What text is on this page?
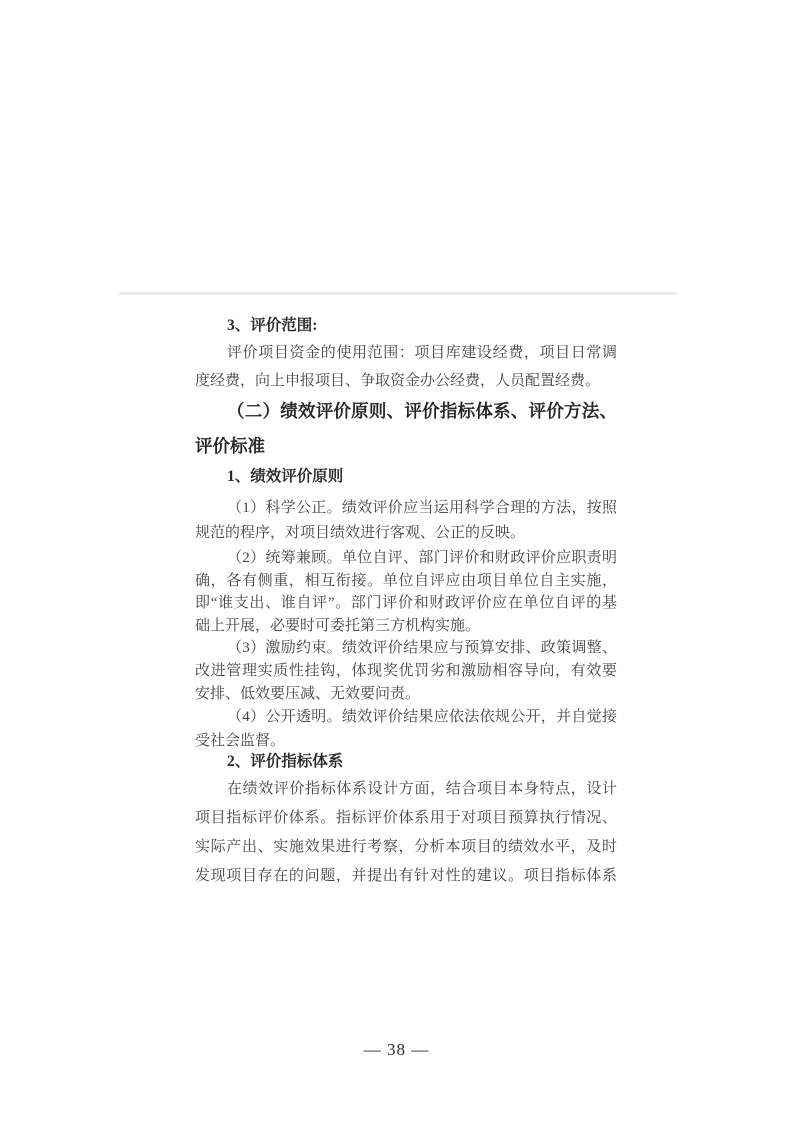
3、评价范围:
评价项目资金的使用范围：项目库建设经费，项目日常调
度经费，向上申报项目、争取资金办公经费，人员配置经费。
（二）绩效评价原则、评价指标体系、评价方法、
评价标准
1、绩效评价原则
（1）科学公正。绩效评价应当运用科学合理的方法，按照
规范的程序，对项目绩效进行客观、公正的反映。
（2）统筹兼顾。单位自评、部门评价和财政评价应职责明
确，各有侧重，相互衔接。单位自评应由项目单位自主实施，
即“谁支出、谁自评”。部门评价和财政评价应在单位自评的基
础上开展，必要时可委托第三方机构实施。
（3）激励约束。绩效评价结果应与预算安排、政策调整、
改进管理实质性挂钩，体现奖优罚劣和激励相容导向，有效要
安排、低效要压减、无效要问责。
（4）公开透明。绩效评价结果应依法依规公开，并自觉接
受社会监督。
2、评价指标体系
在绩效评价指标体系设计方面，结合项目本身特点，设计
项目指标评价体系。指标评价体系用于对项目预算执行情况、
实际产出、实施效果进行考察，分析本项目的绩效水平，及时
发现项目存在的问题，并提出有针对性的建议。项目指标体系
— 38 —
